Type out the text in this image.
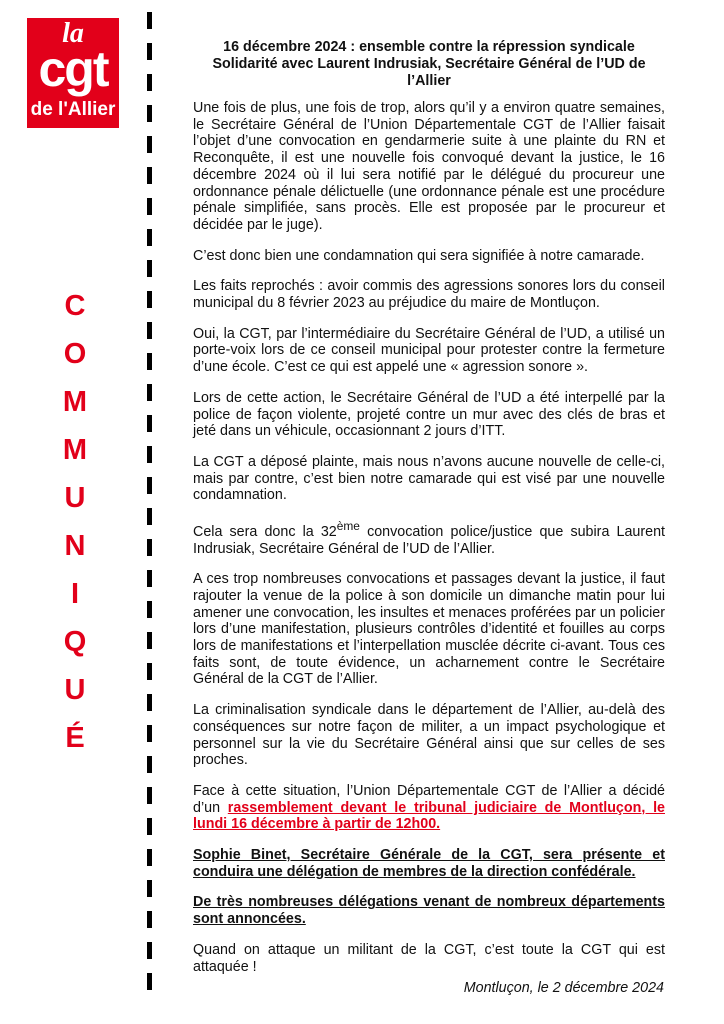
la
cgt
de l'Allier
C
O
M
M
U
N
I
Q
U
É
16 décembre 2024 : ensemble contre la répression syndicale
Solidarité avec Laurent Indrusiak, Secrétaire Général de l’UD de l’Allier

Une fois de plus, une fois de trop, alors qu’il y a environ quatre semaines, le Secrétaire Général de l’Union Départementale CGT de l’Allier faisait l’objet d’une convocation en gendarmerie suite à une plainte du RN et Reconquête, il est une nouvelle fois convoqué devant la justice, le 16 décembre 2024 où il lui sera notifié par le délégué du procureur une ordonnance pénale délictuelle (une ordonnance pénale est une procédure pénale simplifiée, sans procès. Elle est proposée par le procureur et décidée par le juge).

C’est donc bien une condamnation qui sera signifiée à notre camarade.

Les faits reprochés : avoir commis des agressions sonores lors du conseil municipal du 8 février 2023 au préjudice du maire de Montluçon.

Oui, la CGT, par l’intermédiaire du Secrétaire Général de l’UD, a utilisé un porte-voix lors de ce conseil municipal pour protester contre la fermeture d’une école. C’est ce qui est appelé une « agression sonore ».

Lors de cette action, le Secrétaire Général de l’UD a été interpellé par la police de façon violente, projeté contre un mur avec des clés de bras et jeté dans un véhicule, occasionnant 2 jours d’ITT.

La CGT a déposé plainte, mais nous n’avons aucune nouvelle de celle-ci, mais par contre, c’est bien notre camarade qui est visé par une nouvelle condamnation.

Cela sera donc la 32ème convocation police/justice que subira Laurent Indrusiak, Secrétaire Général de l’UD de l’Allier.

A ces trop nombreuses convocations et passages devant la justice, il faut rajouter la venue de la police à son domicile un dimanche matin pour lui amener une convocation, les insultes et menaces proférées par un policier lors d’une manifestation, plusieurs contrôles d’identité et fouilles au corps lors de manifestations et l’interpellation musclée décrite ci-avant. Tous ces faits sont, de toute évidence, un acharnement contre le Secrétaire Général de la CGT de l’Allier.

La criminalisation syndicale dans le département de l’Allier, au-delà des conséquences sur notre façon de militer, a un impact psychologique et personnel sur la vie du Secrétaire Général ainsi que sur celles de ses proches.

Face à cette situation, l’Union Départementale CGT de l’Allier a décidé d’un rassemblement devant le tribunal judiciaire de Montluçon, le lundi 16 décembre à partir de 12h00.

Sophie Binet, Secrétaire Générale de la CGT, sera présente et conduira une délégation de membres de la direction confédérale.

De très nombreuses délégations venant de nombreux départements sont annoncées.

Quand on attaque un militant de la CGT, c’est toute la CGT qui est attaquée !

Montluçon, le 2 décembre 2024
